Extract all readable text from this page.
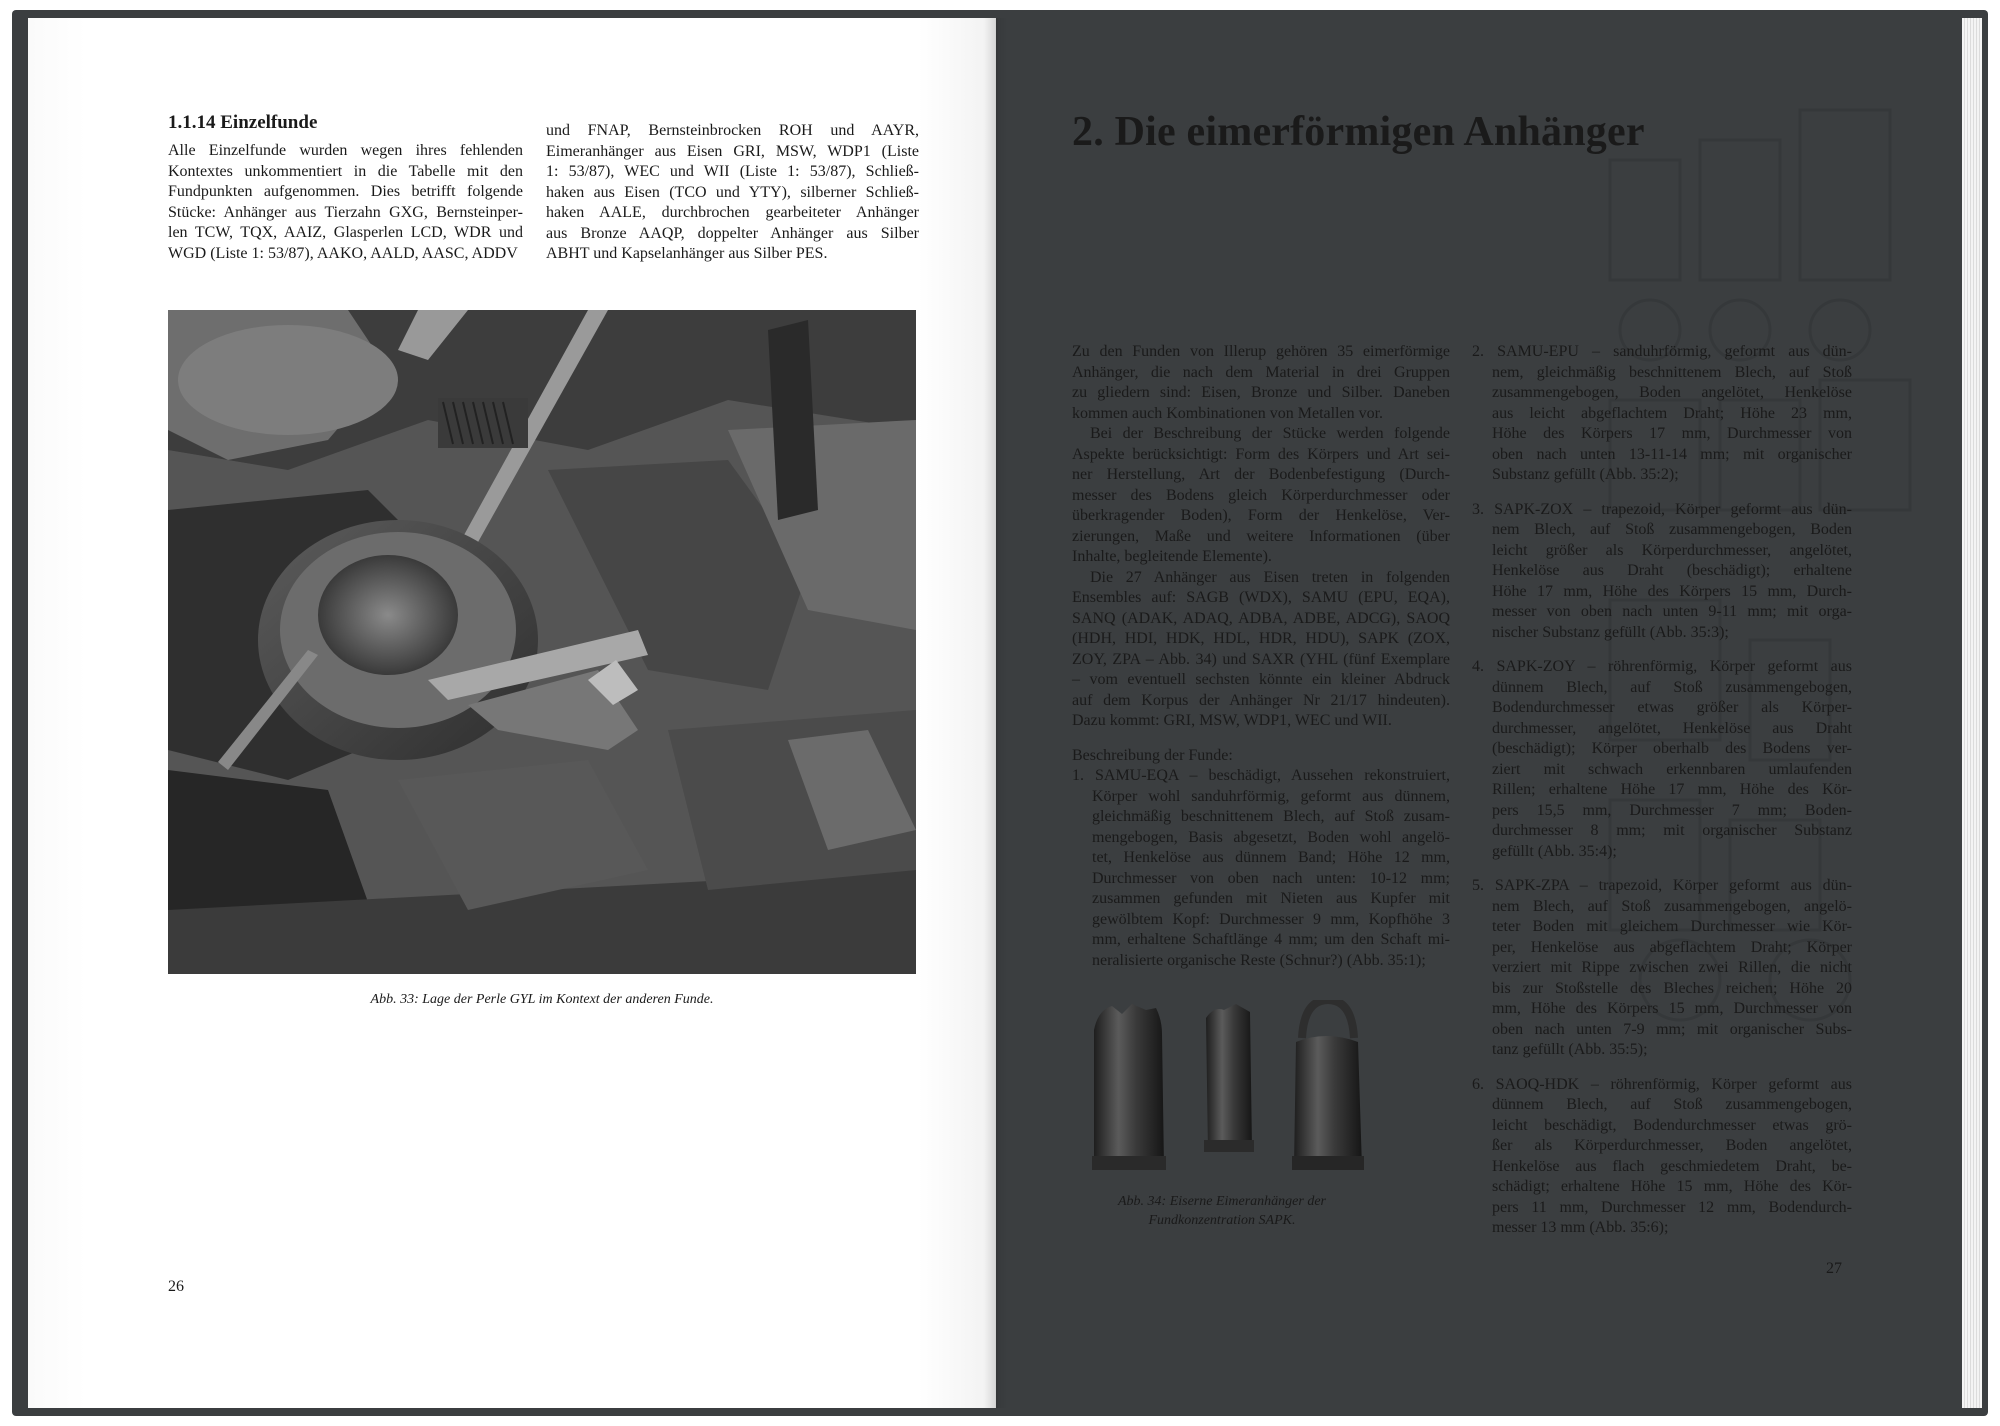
1.1.14 Einzelfunde
Alle Einzelfunde wurden wegen ihres fehlenden
Kontextes unkommentiert in die Tabelle mit den
Fundpunkten aufgenommen. Dies betrifft folgende
Stücke: Anhänger aus Tierzahn GXG, Bernsteinper-
len TCW, TQX, AAIZ, Glasperlen LCD, WDR und
WGD (Liste 1: 53/87), AAKO, AALD, AASC, ADDV
und FNAP, Bernsteinbrocken ROH und AAYR,
Eimeranhänger aus Eisen GRI, MSW, WDP1 (Liste
1: 53/87), WEC und WII (Liste 1: 53/87), Schließ-
haken aus Eisen (TCO und YTY), silberner Schließ-
haken AALE, durchbrochen gearbeiteter Anhänger
aus Bronze AAQP, doppelter Anhänger aus Silber
ABHT und Kapselanhänger aus Silber PES.
26
Abb. 33: Lage der Perle GYL im Kontext der anderen Funde.
2. Die eimerförmigen Anhänger
Zu den Funden von Illerup gehören 35 eimerförmige
Anhänger, die nach dem Material in drei Gruppen
zu gliedern sind: Eisen, Bronze und Silber. Daneben
kommen auch Kombinationen von Metallen vor.
Bei der Beschreibung der Stücke werden folgende
Aspekte berücksichtigt: Form des Körpers und Art sei-
ner Herstellung, Art der Bodenbefestigung (Durch-
messer des Bodens gleich Körperdurchmesser oder
überkragender Boden), Form der Henkelöse, Ver-
zierungen, Maße und weitere Informationen (über
Inhalte, begleitende Elemente).
Die 27 Anhänger aus Eisen treten in folgenden
Ensembles auf: SAGB (WDX), SAMU (EPU, EQA),
SANQ (ADAK, ADAQ, ADBA, ADBE, ADCG), SAOQ
(HDH, HDI, HDK, HDL, HDR, HDU), SAPK (ZOX,
ZOY, ZPA – Abb. 34) und SAXR (YHL (fünf Exemplare
– vom eventuell sechsten könnte ein kleiner Abdruck
auf dem Korpus der Anhänger Nr 21/17 hindeuten).
Dazu kommt: GRI, MSW, WDP1, WEC und WII.
Beschreibung der Funde:
1. SAMU-EQA – beschädigt, Aussehen rekonstruiert,
Körper wohl sanduhrförmig, geformt aus dünnem,
gleichmäßig beschnittenem Blech, auf Stoß zusam-
mengebogen, Basis abgesetzt, Boden wohl angelö-
tet, Henkelöse aus dünnem Band; Höhe 12 mm,
Durchmesser von oben nach unten: 10-12 mm;
zusammen gefunden mit Nieten aus Kupfer mit
gewölbtem Kopf: Durchmesser 9 mm, Kopfhöhe 3
mm, erhaltene Schaftlänge 4 mm; um den Schaft mi-
neralisierte organische Reste (Schnur?) (Abb. 35:1);
Abb. 34: Eiserne Eimeranhänger der
Fundkonzentration SAPK.
2. SAMU-EPU – sanduhrförmig, geformt aus dün-
nem, gleichmäßig beschnittenem Blech, auf Stoß
zusammengebogen, Boden angelötet, Henkelöse
aus leicht abgeflachtem Draht; Höhe 23 mm,
Höhe des Körpers 17 mm, Durchmesser von
oben nach unten 13-11-14 mm; mit organischer
Substanz gefüllt (Abb. 35:2);
3. SAPK-ZOX – trapezoid, Körper geformt aus dün-
nem Blech, auf Stoß zusammengebogen, Boden
leicht größer als Körperdurchmesser, angelötet,
Henkelöse aus Draht (beschädigt); erhaltene
Höhe 17 mm, Höhe des Körpers 15 mm, Durch-
messer von oben nach unten 9-11 mm; mit orga-
nischer Substanz gefüllt (Abb. 35:3);
4. SAPK-ZOY – röhrenförmig, Körper geformt aus
dünnem Blech, auf Stoß zusammengebogen,
Bodendurchmesser etwas größer als Körper-
durchmesser, angelötet, Henkelöse aus Draht
(beschädigt); Körper oberhalb des Bodens ver-
ziert mit schwach erkennbaren umlaufenden
Rillen; erhaltene Höhe 17 mm, Höhe des Kör-
pers 15,5 mm, Durchmesser 7 mm; Boden-
durchmesser 8 mm; mit organischer Substanz
gefüllt (Abb. 35:4);
5. SAPK-ZPA – trapezoid, Körper geformt aus dün-
nem Blech, auf Stoß zusammengebogen, angelö-
teter Boden mit gleichem Durchmesser wie Kör-
per, Henkelöse aus abgeflachtem Draht; Körper
verziert mit Rippe zwischen zwei Rillen, die nicht
bis zur Stoßstelle des Bleches reichen; Höhe 20
mm, Höhe des Körpers 15 mm, Durchmesser von
oben nach unten 7-9 mm; mit organischer Subs-
tanz gefüllt (Abb. 35:5);
6. SAOQ-HDK – röhrenförmig, Körper geformt aus
dünnem Blech, auf Stoß zusammengebogen,
leicht beschädigt, Bodendurchmesser etwas grö-
ßer als Körperdurchmesser, Boden angelötet,
Henkelöse aus flach geschmiedetem Draht, be-
schädigt; erhaltene Höhe 15 mm, Höhe des Kör-
pers 11 mm, Durchmesser 12 mm, Bodendurch-
messer 13 mm (Abb. 35:6);
27
